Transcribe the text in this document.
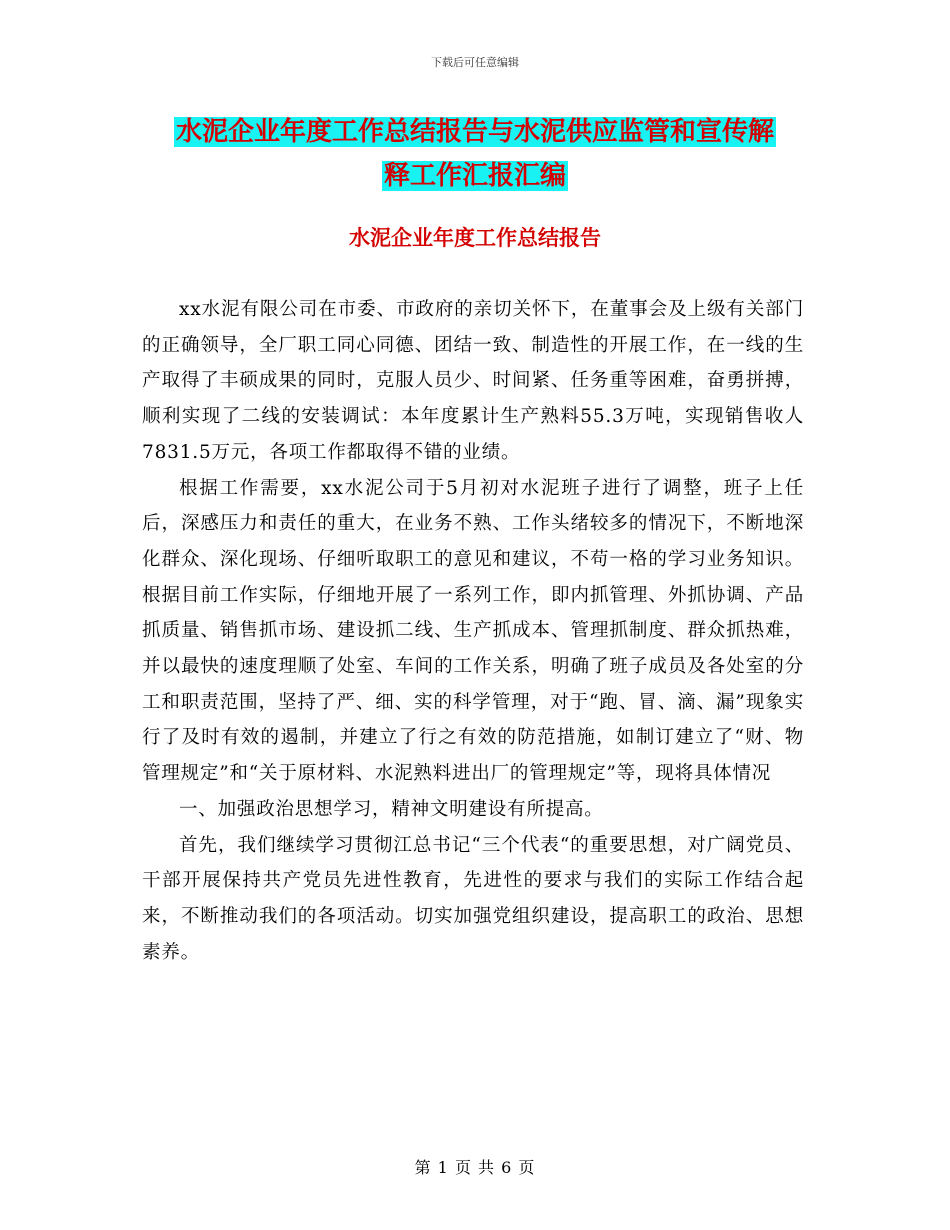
下载后可任意编辑
水泥企业年度工作总结报告与水泥供应监管和宣传解
释工作汇报汇编
水泥企业年度工作总结报告

xx水泥有限公司在市委、市政府的亲切关怀下，在董事会及上级有关部门的正确领导，全厂职工同心同德、团结一致、制造性的开展工作，在一线的生产取得了丰硕成果的同时，克服人员少、时间紧、任务重等困难，奋勇拼搏，顺利实现了二线的安装调试：本年度累计生产熟料55.3万吨，实现销售收人7831.5万元，各项工作都取得不错的业绩。

根据工作需要，xx水泥公司于5月初对水泥班子进行了调整，班子上任后，深感压力和责任的重大，在业务不熟、工作头绪较多的情况下，不断地深化群众、深化现场、仔细听取职工的意见和建议，不苟一格的学习业务知识。根据目前工作实际，仔细地开展了一系列工作，即内抓管理、外抓协调、产品抓质量、销售抓市场、建设抓二线、生产抓成本、管理抓制度、群众抓热难，并以最快的速度理顺了处室、车间的工作关系，明确了班子成员及各处室的分工和职责范围，坚持了严、细、实的科学管理，对于“跑、冒、滴、漏”现象实行了及时有效的遏制，并建立了行之有效的防范措施，如制订建立了“财、物管理规定”和“关于原材料、水泥熟料进出厂的管理规定”等，现将具体情况

一、加强政治思想学习，精神文明建设有所提高。

首先，我们继续学习贯彻江总书记“三个代表“的重要思想，对广阔党员、干部开展保持共产党员先进性教育，先进性的要求与我们的实际工作结合起来，不断推动我们的各项活动。切实加强党组织建设，提高职工的政治、思想素养。

第 1 页 共 6 页
